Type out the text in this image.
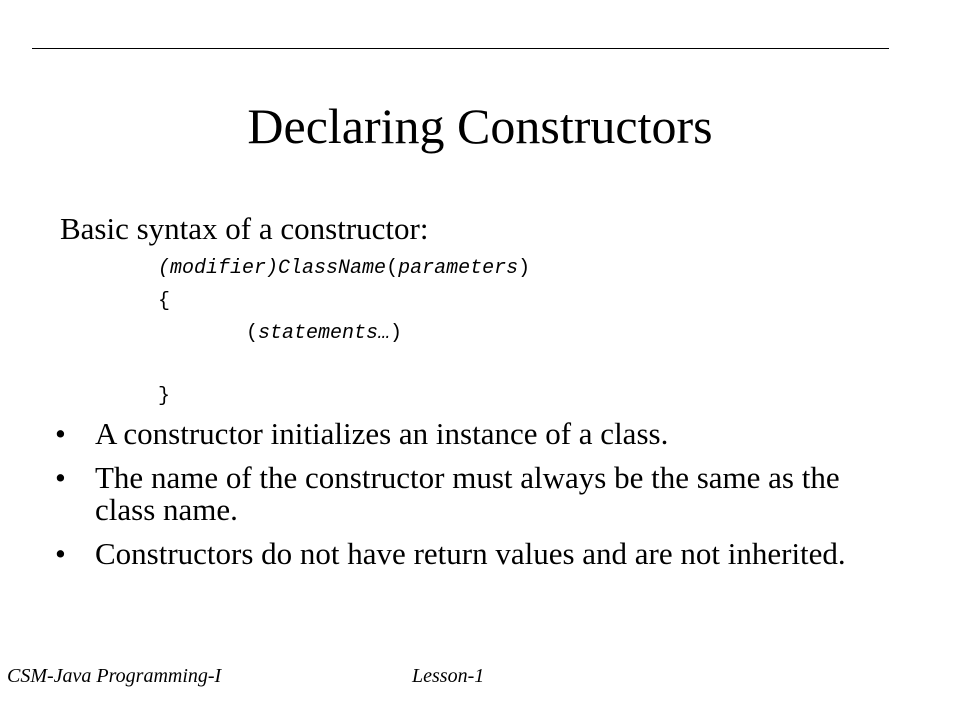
Declaring Constructors
Basic syntax of a constructor:
(modifier)ClassName(parameters)
{
(statements…)
}
• A constructor initializes an instance of a class.
• The name of the constructor must always be the same as the class name.
• Constructors do not have return values and are not inherited.
CSM-Java Programming-I	Lesson-1
